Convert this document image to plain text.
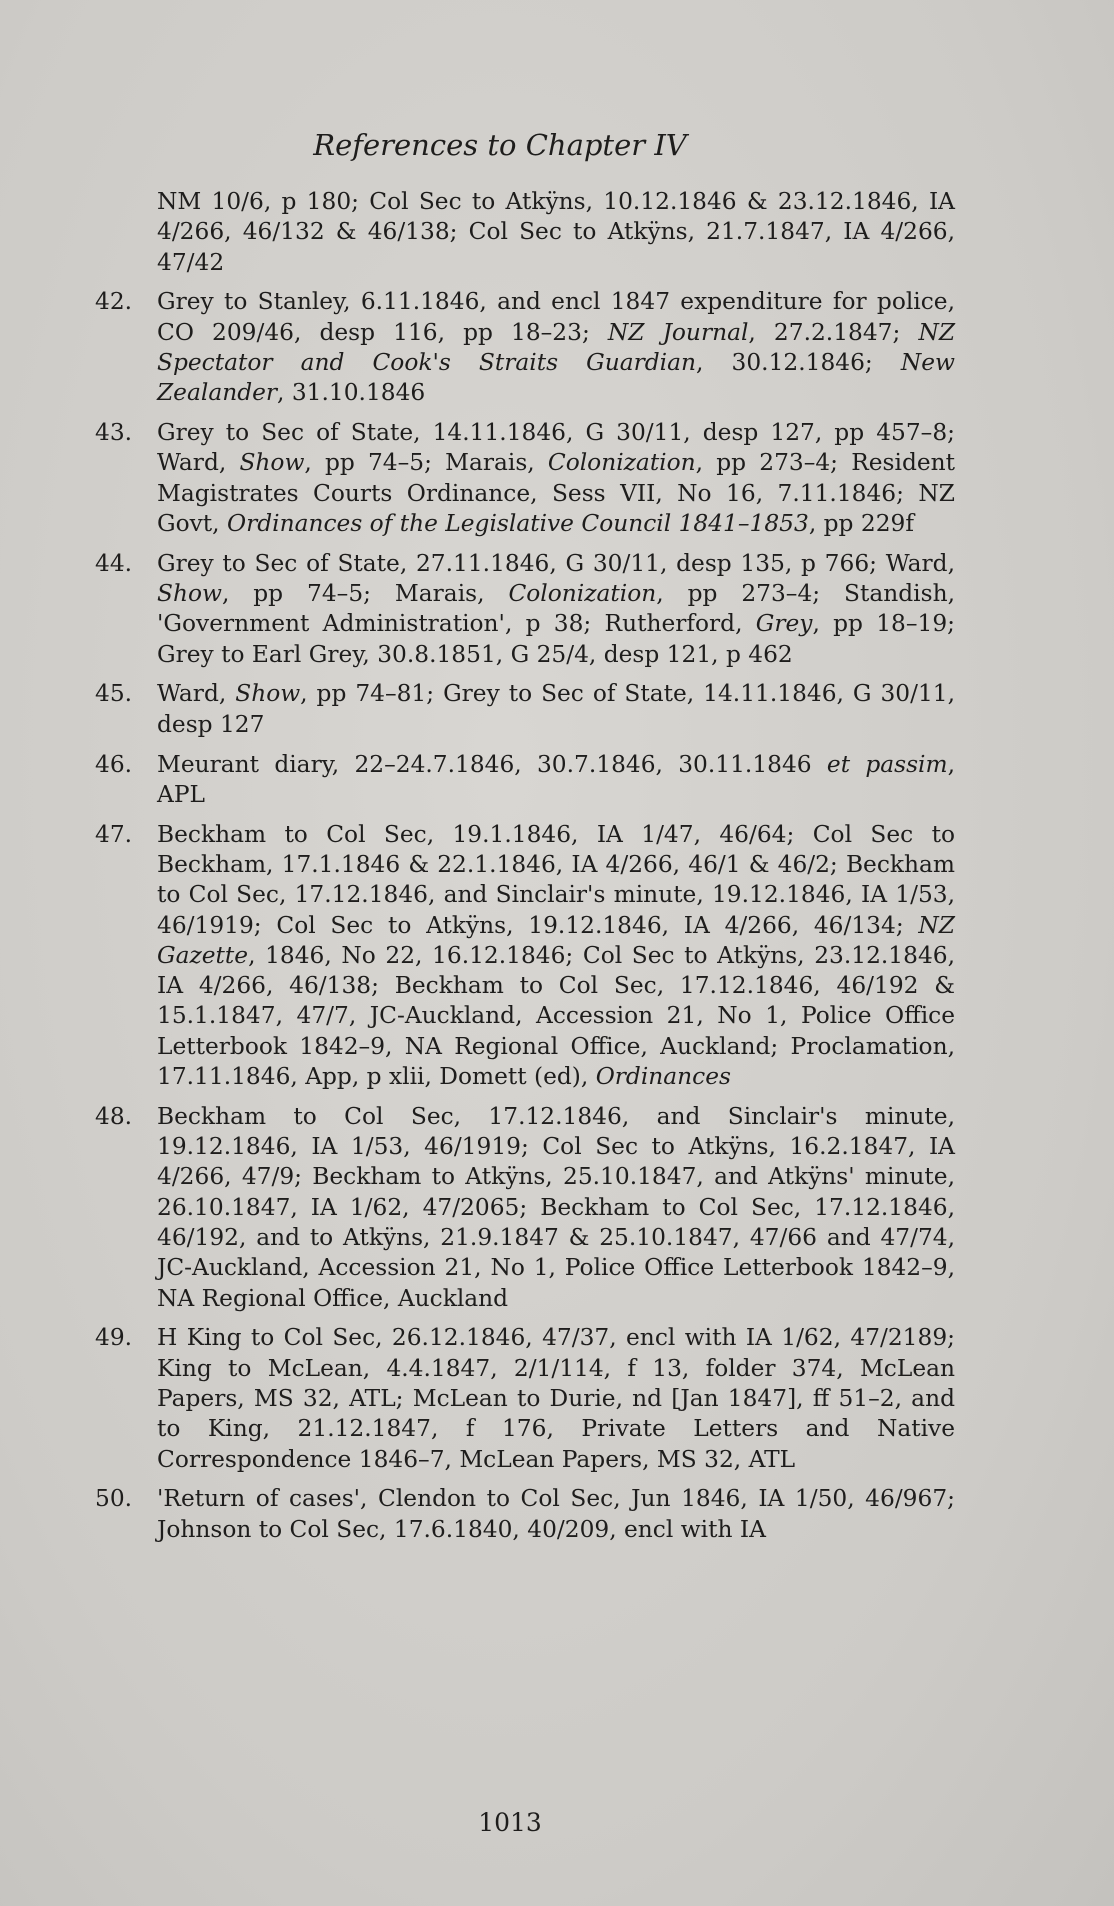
References to Chapter IV
NM 10/6, p 180; Col Sec to Atkÿns, 10.12.1846 & 23.12.1846, IA 4/266, 46/132 & 46/138; Col Sec to Atkÿns, 21.7.1847, IA 4/266, 47/42
42. Grey to Stanley, 6.11.1846, and encl 1847 expenditure for police, CO 209/46, desp 116, pp 18–23; NZ Journal, 27.2.1847; NZ Spectator and Cook's Straits Guardian, 30.12.1846; New Zealander, 31.10.1846
43. Grey to Sec of State, 14.11.1846, G 30/11, desp 127, pp 457–8; Ward, Show, pp 74–5; Marais, Colonization, pp 273–4; Resident Magistrates Courts Ordinance, Sess VII, No 16, 7.11.1846; NZ Govt, Ordinances of the Legislative Council 1841–1853, pp 229f
44. Grey to Sec of State, 27.11.1846, G 30/11, desp 135, p 766; Ward, Show, pp 74–5; Marais, Colonization, pp 273–4; Standish, 'Government Administration', p 38; Rutherford, Grey, pp 18–19; Grey to Earl Grey, 30.8.1851, G 25/4, desp 121, p 462
45. Ward, Show, pp 74–81; Grey to Sec of State, 14.11.1846, G 30/11, desp 127
46. Meurant diary, 22–24.7.1846, 30.7.1846, 30.11.1846 et passim, APL
47. Beckham to Col Sec, 19.1.1846, IA 1/47, 46/64; Col Sec to Beckham, 17.1.1846 & 22.1.1846, IA 4/266, 46/1 & 46/2; Beckham to Col Sec, 17.12.1846, and Sinclair's minute, 19.12.1846, IA 1/53, 46/1919; Col Sec to Atkÿns, 19.12.1846, IA 4/266, 46/134; NZ Gazette, 1846, No 22, 16.12.1846; Col Sec to Atkÿns, 23.12.1846, IA 4/266, 46/138; Beckham to Col Sec, 17.12.1846, 46/192 & 15.1.1847, 47/7, JC-Auckland, Accession 21, No 1, Police Office Letterbook 1842–9, NA Regional Office, Auckland; Proclamation, 17.11.1846, App, p xlii, Domett (ed), Ordinances
48. Beckham to Col Sec, 17.12.1846, and Sinclair's minute, 19.12.1846, IA 1/53, 46/1919; Col Sec to Atkÿns, 16.2.1847, IA 4/266, 47/9; Beckham to Atkÿns, 25.10.1847, and Atkÿns' minute, 26.10.1847, IA 1/62, 47/2065; Beckham to Col Sec, 17.12.1846, 46/192, and to Atkÿns, 21.9.1847 & 25.10.1847, 47/66 and 47/74, JC-Auckland, Accession 21, No 1, Police Office Letterbook 1842–9, NA Regional Office, Auckland
49. H King to Col Sec, 26.12.1846, 47/37, encl with IA 1/62, 47/2189; King to McLean, 4.4.1847, 2/1/114, f 13, folder 374, McLean Papers, MS 32, ATL; McLean to Durie, nd [Jan 1847], ff 51–2, and to King, 21.12.1847, f 176, Private Letters and Native Correspondence 1846–7, McLean Papers, MS 32, ATL
50. 'Return of cases', Clendon to Col Sec, Jun 1846, IA 1/50, 46/967; Johnson to Col Sec, 17.6.1840, 40/209, encl with IA
1013
